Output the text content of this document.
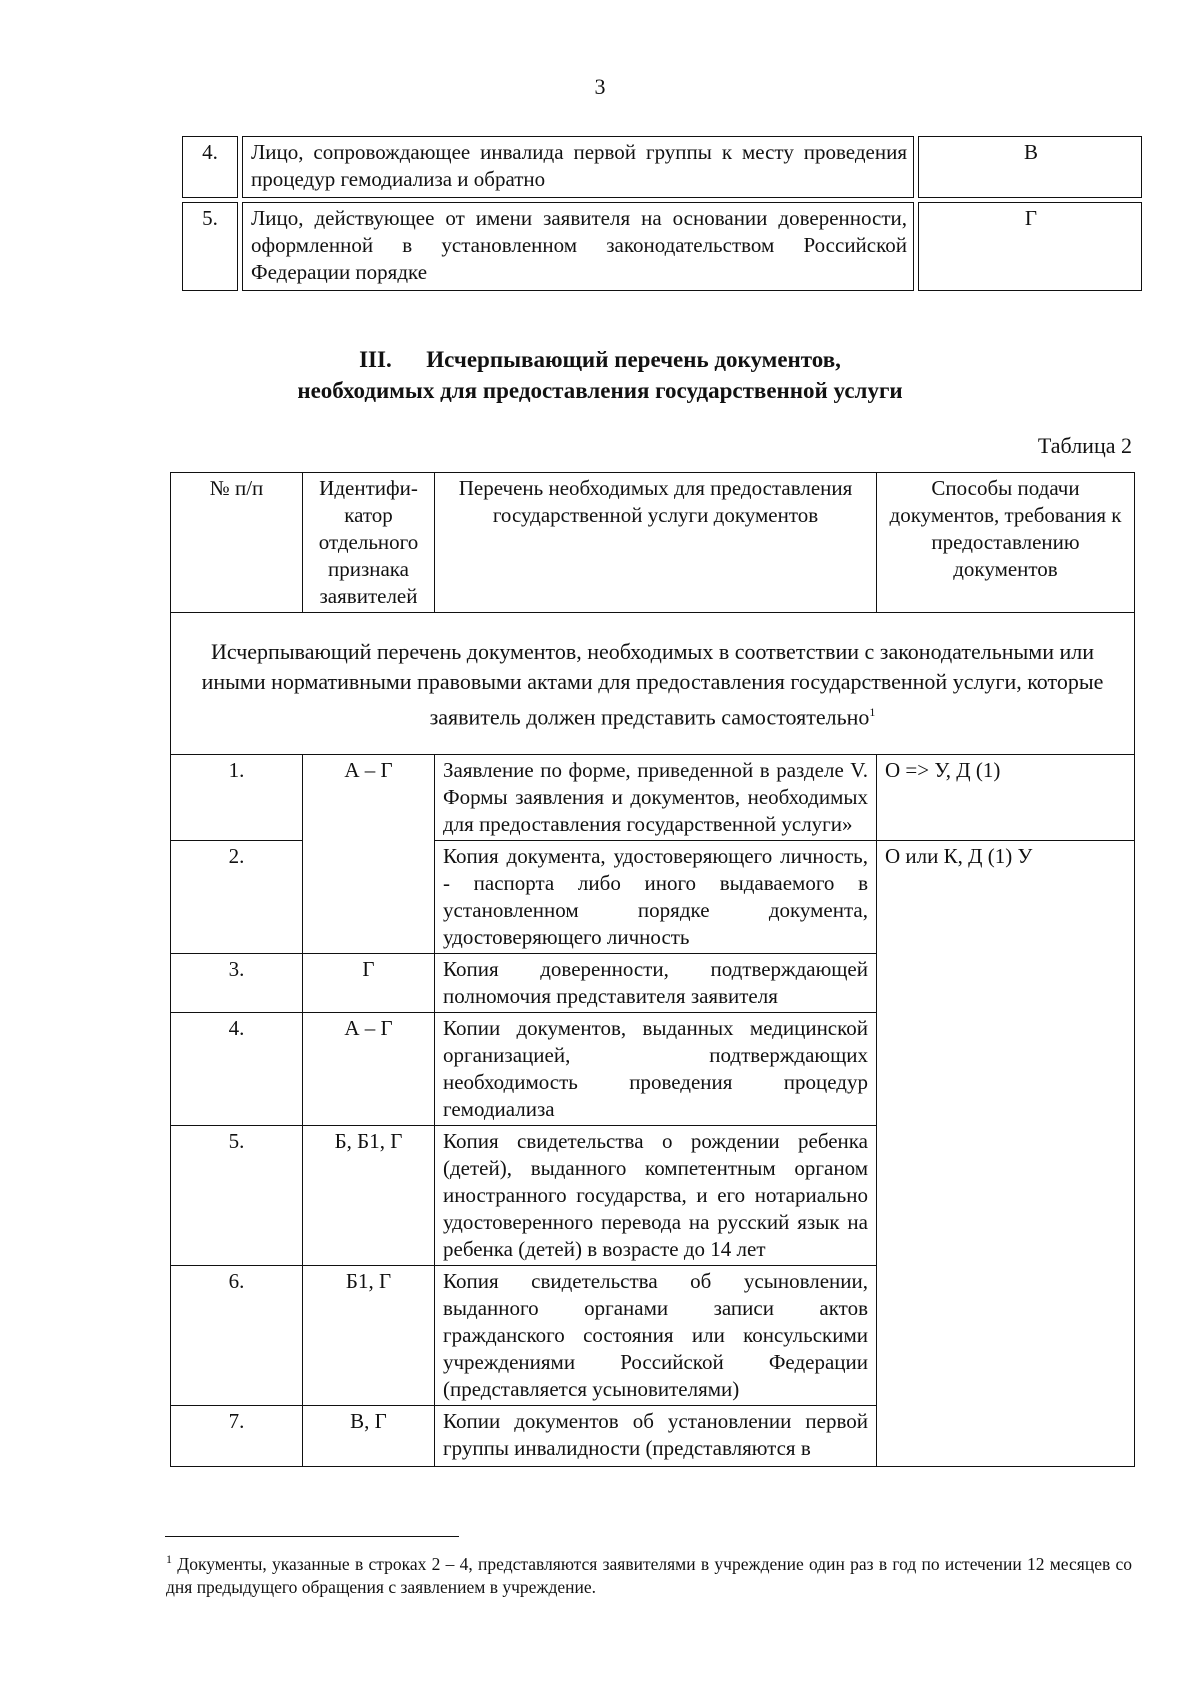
3
4.	Лицо, сопровождающее инвалида первой группы к месту проведения процедур гемодиализа и обратно	В
5.	Лицо, действующее от имени заявителя на основании доверенности, оформленной в установленном законодательством Российской Федерации порядке	Г
III. Исчерпывающий перечень документов,
необходимых для предоставления государственной услуги
Таблица 2
№ п/п	Идентифи-катор отдельного признака заявителей	Перечень необходимых для предоставления государственной услуги документов	Способы подачи документов, требования к предоставлению документов
Исчерпывающий перечень документов, необходимых в соответствии с законодательными или иными нормативными правовыми актами для предоставления государственной услуги, которые заявитель должен представить самостоятельно$^1$
1.	А – Г	Заявление по форме, приведенной в разделе V. Формы заявления и документов, необходимых для предоставления государственной услуги»	О => У, Д (1)
2.		Копия документа, удостоверяющего личность, - паспорта либо иного выдаваемого в установленном порядке документа, удостоверяющего личность	О или К, Д (1) У
3.	Г	Копия доверенности, подтверждающей полномочия представителя заявителя	
4.	А – Г	Копии документов, выданных медицинской организацией, подтверждающих необходимость проведения процедур гемодиализа	
5.	Б, Б1, Г	Копия свидетельства о рождении ребенка (детей), выданного компетентным органом иностранного государства, и его нотариально удостоверенного перевода на русский язык на ребенка (детей) в возрасте до 14 лет	
6.	Б1, Г	Копия свидетельства об усыновлении, выданного органами записи актов гражданского состояния или консульскими учреждениями Российской Федерации (представляется усыновителями)	
7.	В, Г	Копии документов об установлении первой группы инвалидности (представляются в	

$^1$ Документы, указанные в строках 2 – 4, представляются заявителями в учреждение один раз в год по истечении 12 месяцев со дня предыдущего обращения с заявлением в учреждение.
